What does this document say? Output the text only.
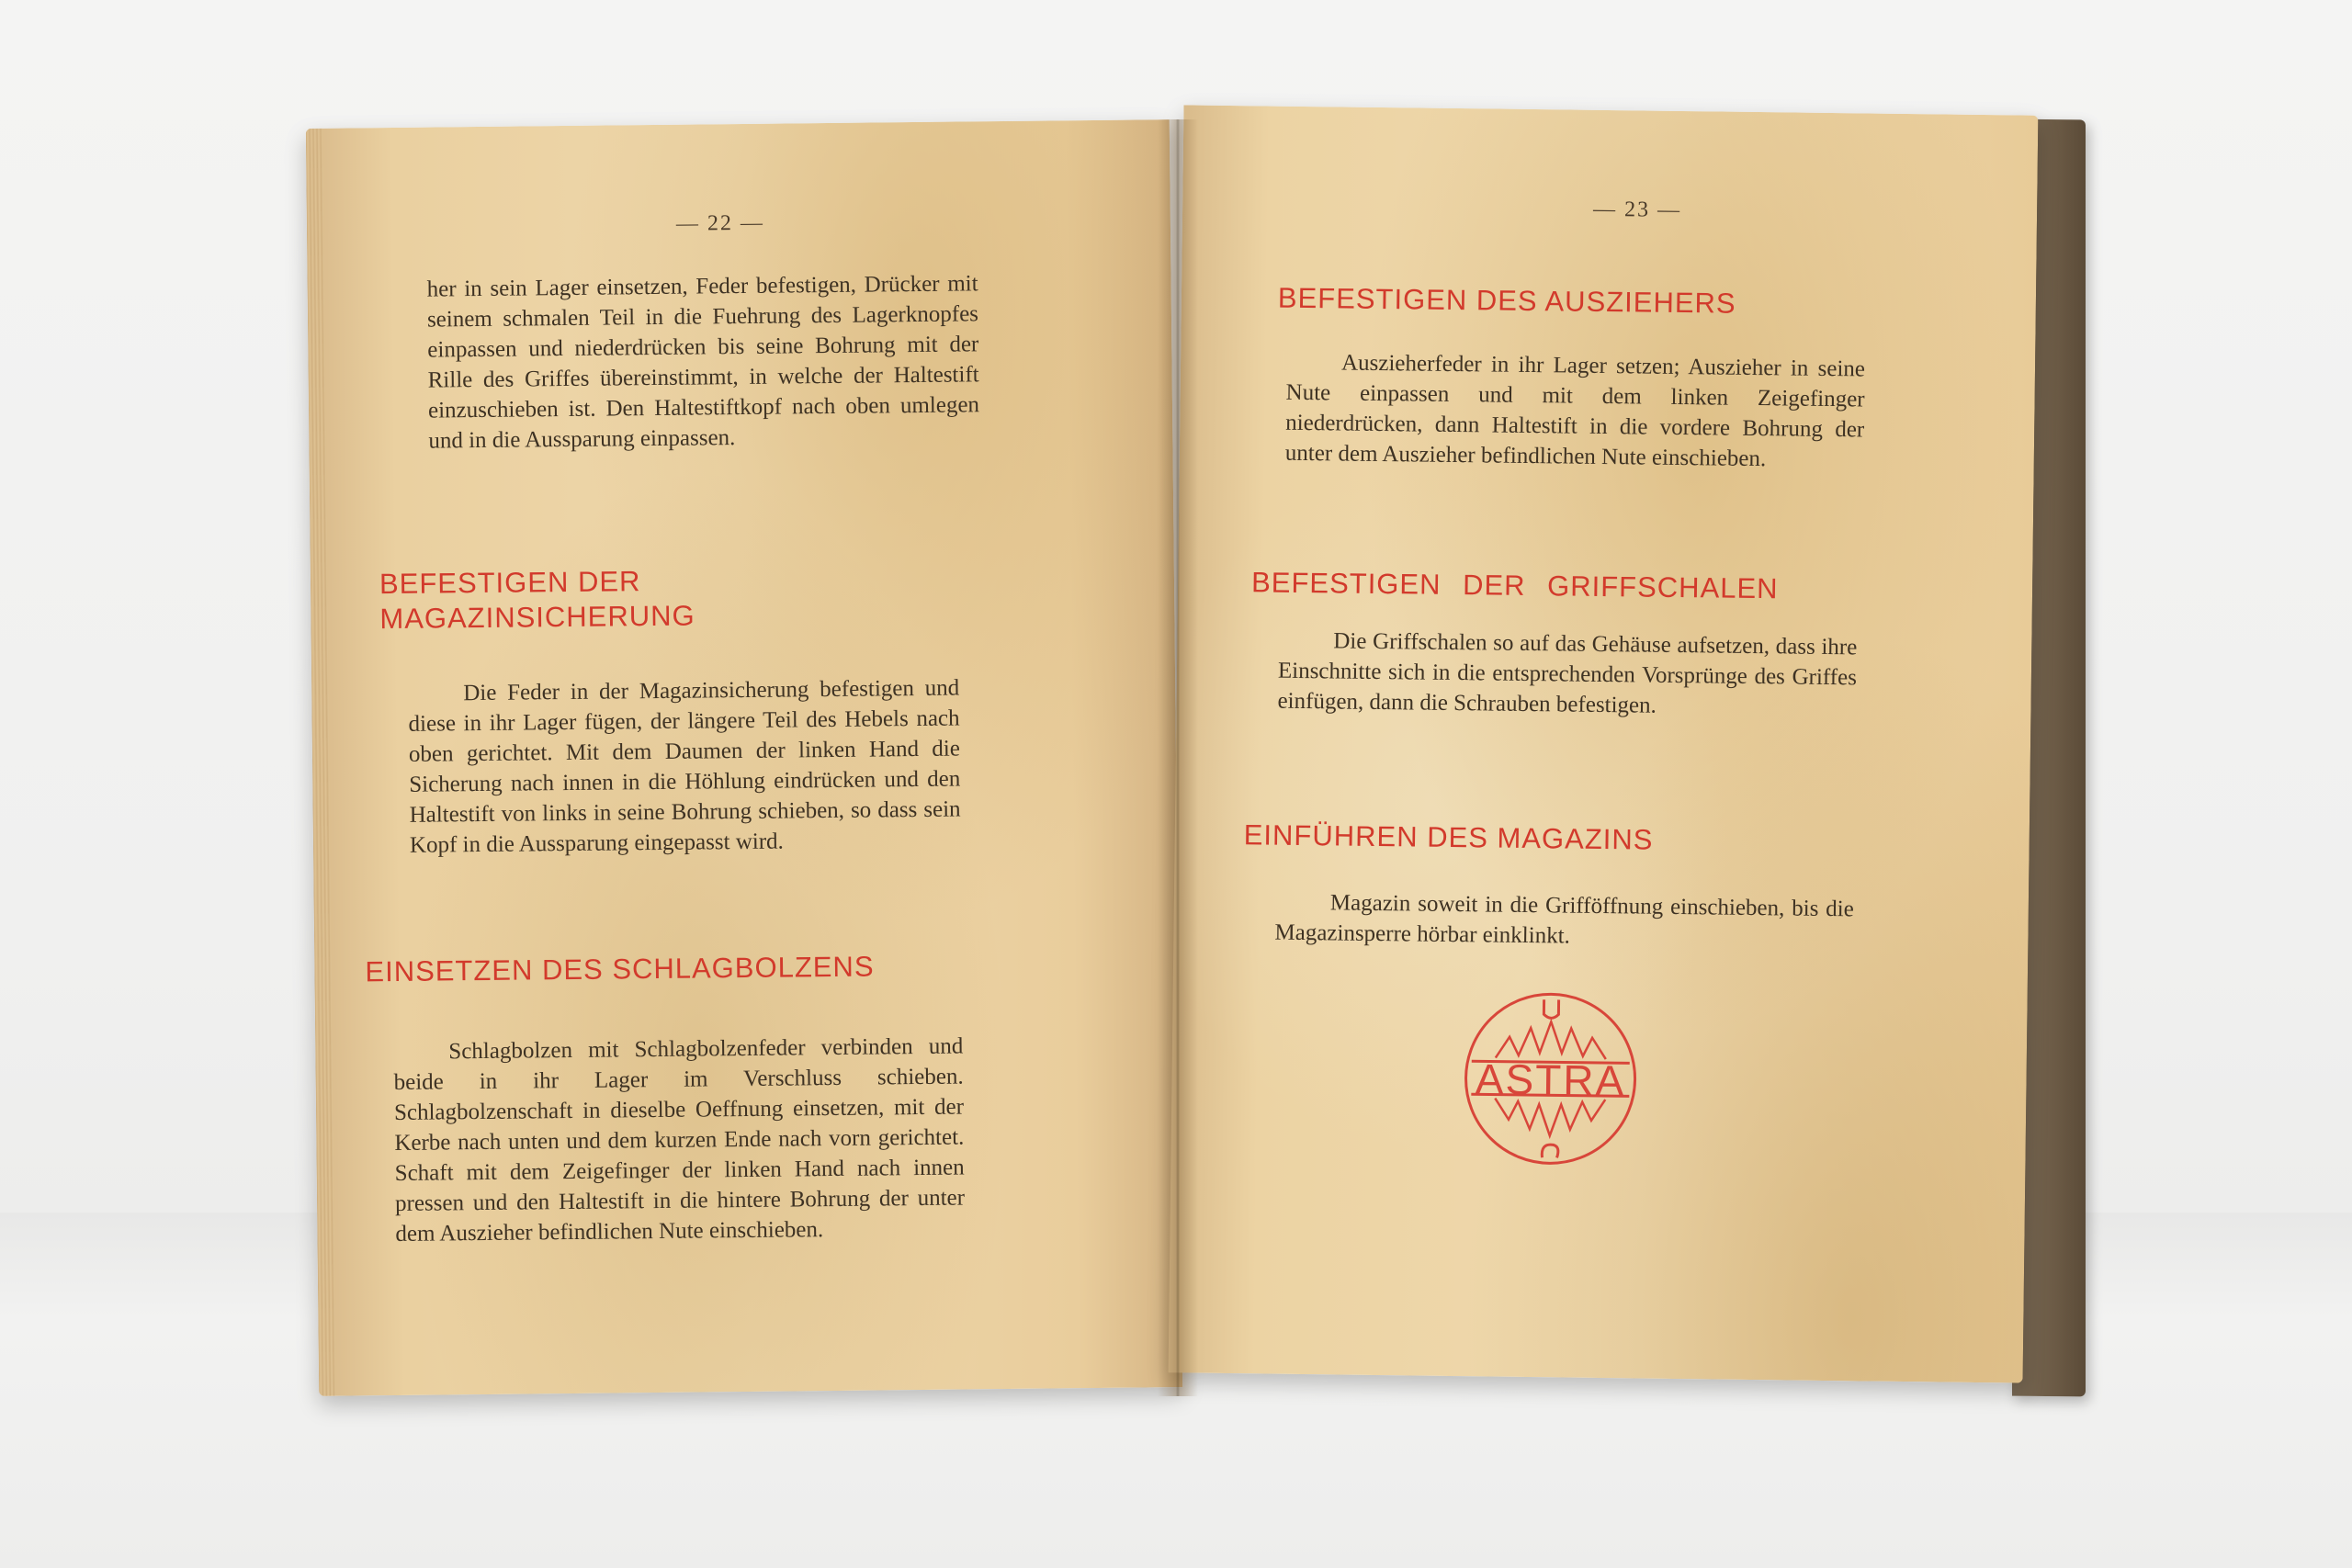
— 22 —

her in sein Lager einsetzen, Feder befestigen, Drücker mit seinem schmalen Teil in die Fuehrung des Lagerknopfes einpassen und niederdrücken bis seine Bohrung mit der Rille des Griffes übereinstimmt, in welche der Haltestift einzuschieben ist. Den Haltestiftkopf nach oben umlegen und in die Aussparung einpassen.

BEFESTIGEN DER
MAGAZINSICHERUNG

Die Feder in der Magazinsicherung befestigen und diese in ihr Lager fügen, der längere Teil des Hebels nach oben gerichtet. Mit dem Daumen der linken Hand die Sicherung nach innen in die Höhlung eindrücken und den Haltestift von links in seine Bohrung schieben, so dass sein Kopf in die Aussparung eingepasst wird.

EINSETZEN DES SCHLAGBOLZENS

Schlagbolzen mit Schlagbolzenfeder verbinden und beide in ihr Lager im Verschluss schieben. Schlagbolzenschaft in dieselbe Oeffnung einsetzen, mit der Kerbe nach unten und dem kurzen Ende nach vorn gerichtet. Schaft mit dem Zeigefinger der linken Hand nach innen pressen und den Haltestift in die hintere Bohrung der unter dem Auszieher befindlichen Nute einschieben.

— 23 —
BEFESTIGEN DES AUSZIEHERS

Auszieherfeder in ihr Lager setzen; Auszieher in seine Nute einpassen und mit dem linken Zeigefinger niederdrücken, dann Haltestift in die vordere Bohrung der unter dem Auszieher befindlichen Nute einschieben.

BEFESTIGEN DER GRIFFSCHALEN

Die Griffschalen so auf das Gehäuse aufsetzen, dass ihre Einschnitte sich in die entsprechenden Vorsprünge des Griffes einfügen, dann die Schrauben befestigen.

EINFÜHREN DES MAGAZINS

Magazin soweit in die Grifföffnung einschieben, bis die Magazinsperre hörbar einklinkt.

ASTRA
